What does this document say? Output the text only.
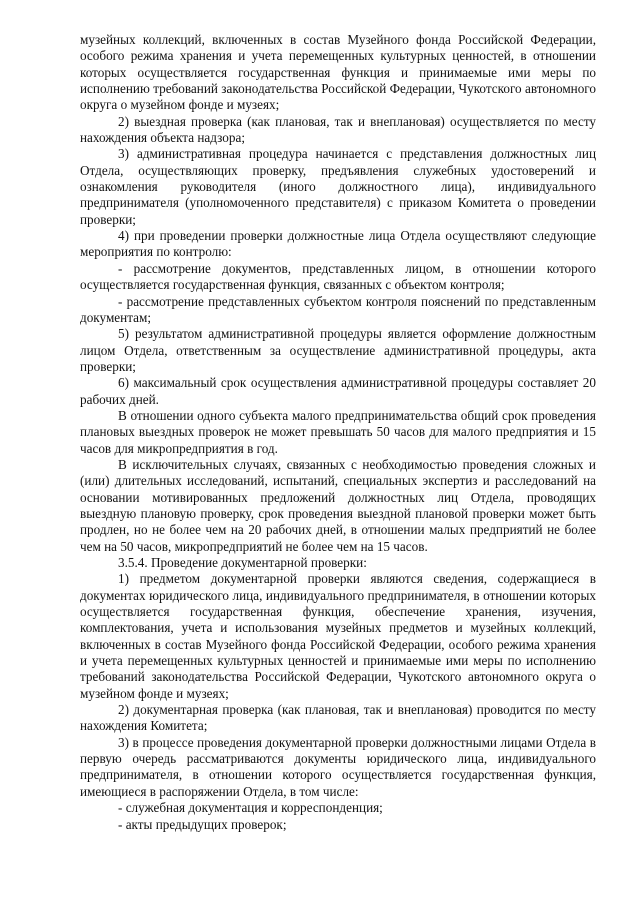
музейных коллекций, включенных в состав Музейного фонда Российской Федерации, особого режима хранения и учета перемещенных культурных ценностей, в отношении которых осуществляется государственная функция и принимаемые ими меры по исполнению требований законодательства Российской Федерации, Чукотского автономного округа о музейном фонде и музеях;

2) выездная проверка (как плановая, так и внеплановая) осуществляется по месту нахождения объекта надзора;

3) административная процедура начинается с представления должностных лиц Отдела, осуществляющих проверку, предъявления служебных удостоверений и ознакомления руководителя (иного должностного лица), индивидуального предпринимателя (уполномоченного представителя) с приказом Комитета о проведении проверки;

4) при проведении проверки должностные лица Отдела осуществляют следующие мероприятия по контролю:

- рассмотрение документов, представленных лицом, в отношении которого осуществляется государственная функция, связанных с объектом контроля;

- рассмотрение представленных субъектом контроля пояснений по представленным документам;

5) результатом административной процедуры является оформление должностным лицом Отдела, ответственным за осуществление административной процедуры, акта проверки;

6) максимальный срок осуществления административной процедуры составляет 20 рабочих дней.

В отношении одного субъекта малого предпринимательства общий срок проведения плановых выездных проверок не может превышать 50 часов для малого предприятия и 15 часов для микропредприятия в год.

В исключительных случаях, связанных с необходимостью проведения сложных и (или) длительных исследований, испытаний, специальных экспертиз и расследований на основании мотивированных предложений должностных лиц Отдела, проводящих выездную плановую проверку, срок проведения выездной плановой проверки может быть продлен, но не более чем на 20 рабочих дней, в отношении малых предприятий не более чем на 50 часов, микропредприятий не более чем на 15 часов.

3.5.4. Проведение документарной проверки:

1) предметом документарной проверки являются сведения, содержащиеся в документах юридического лица, индивидуального предпринимателя, в отношении которых осуществляется государственная функция, обеспечение хранения, изучения, комплектования, учета и использования музейных предметов и музейных коллекций, включенных в состав Музейного фонда Российской Федерации, особого режима хранения и учета перемещенных культурных ценностей и принимаемые ими меры по исполнению требований законодательства Российской Федерации, Чукотского автономного округа о музейном фонде и музеях;

2) документарная проверка (как плановая, так и внеплановая) проводится по месту нахождения Комитета;

3) в процессе проведения документарной проверки должностными лицами Отдела в первую очередь рассматриваются документы юридического лица, индивидуального предпринимателя, в отношении которого осуществляется государственная функция, имеющиеся в распоряжении Отдела, в том числе:

- служебная документация и корреспонденция;

- акты предыдущих проверок;
